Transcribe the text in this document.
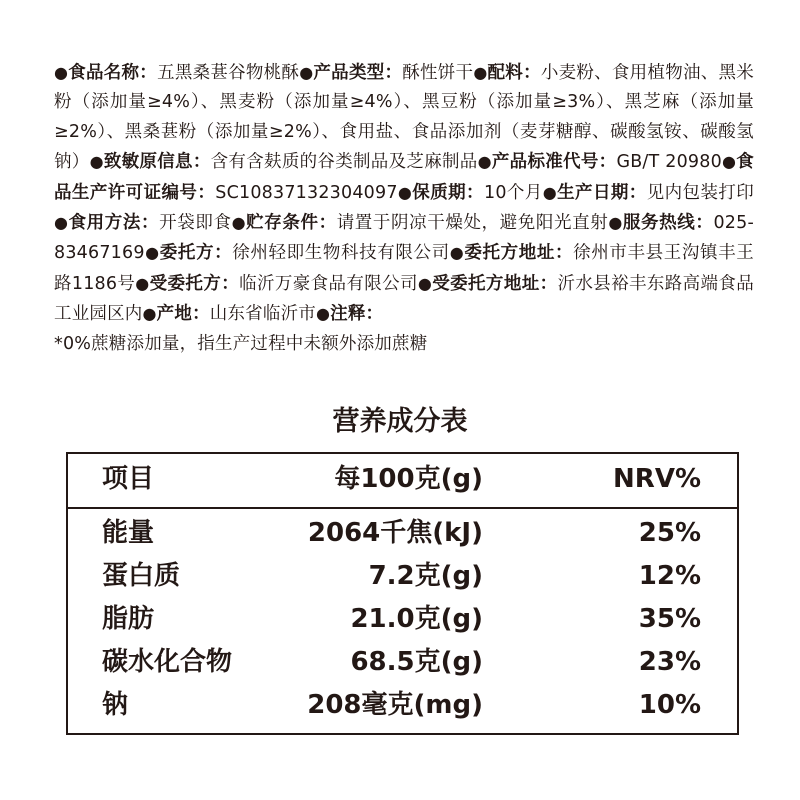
●食品名称：五黑桑葚谷物桃酥●产品类型：酥性饼干●配料：小麦粉、食用植物油、黑米粉（添加量≥4%）、黑麦粉（添加量≥4%）、黑豆粉（添加量≥3%）、黑芝麻（添加量≥2%）、黑桑葚粉（添加量≥2%）、食用盐、食品添加剂（麦芽糖醇、碳酸氢铵、碳酸氢钠）●致敏原信息：含有含麸质的谷类制品及芝麻制品●产品标准代号：GB/T 20980●食品生产许可证编号：SC10837132304097●保质期：10个月●生产日期：见内包装打印●食用方法：开袋即食●贮存条件：请置于阴凉干燥处，避免阳光直射●服务热线：025-83467169●委托方：徐州轻即生物科技有限公司●委托方地址：徐州市丰县王沟镇丰王路1186号●受委托方：临沂万豪食品有限公司●受委托方地址：沂水县裕丰东路高端食品工业园区内●产地：山东省临沂市●注释：
*0%蔗糖添加量，指生产过程中未额外添加蔗糖
营养成分表
项目	每100克(g)	NRV%
能量	2064千焦(kJ)	25%
蛋白质	7.2克(g)	12%
脂肪	21.0克(g)	35%
碳水化合物	68.5克(g)	23%
钠	208毫克(mg)	10%
